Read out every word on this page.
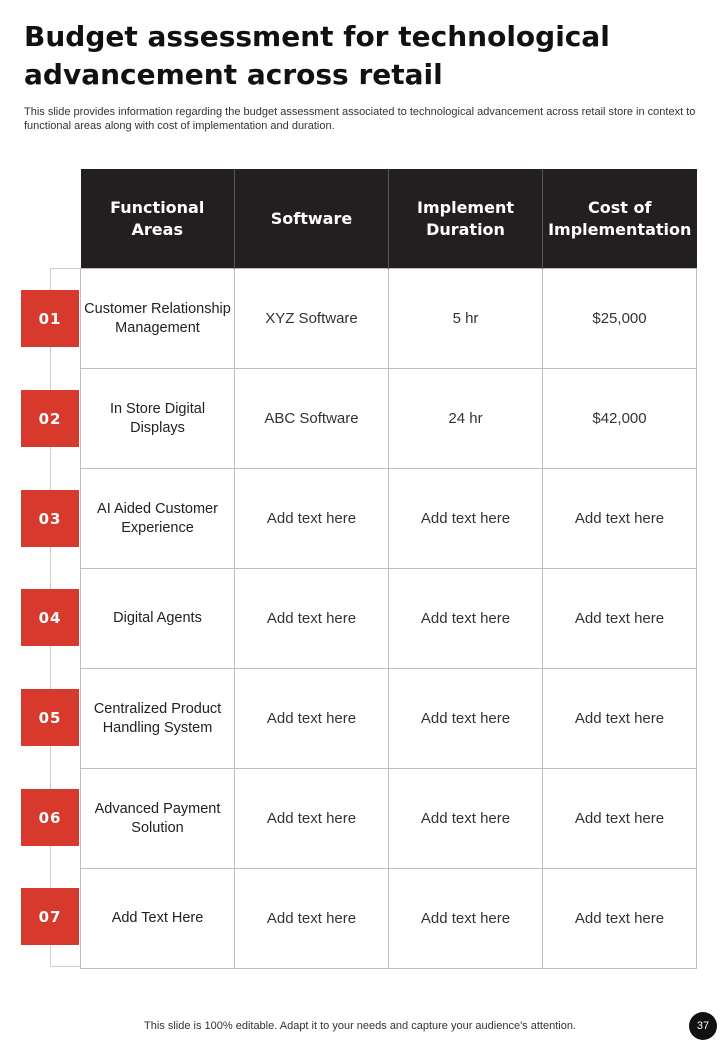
Budget assessment for technological advancement across retail

This slide provides information regarding the budget assessment associated to technological advancement across retail store in context to functional areas along with cost of implementation and duration.

Functional Areas	Software	Implement Duration	Cost of Implementation
Customer Relationship Management	XYZ Software	5 hr	$25,000
In Store Digital Displays	ABC Software	24 hr	$42,000
AI Aided Customer Experience	Add text here	Add text here	Add text here
Digital Agents	Add text here	Add text here	Add text here
Centralized Product Handling System	Add text here	Add text here	Add text here
Advanced Payment Solution	Add text here	Add text here	Add text here
Add Text Here	Add text here	Add text here	Add text here
01
02
03
04
05
06
07
This slide is 100% editable. Adapt it to your needs and capture your audience's attention.	37
